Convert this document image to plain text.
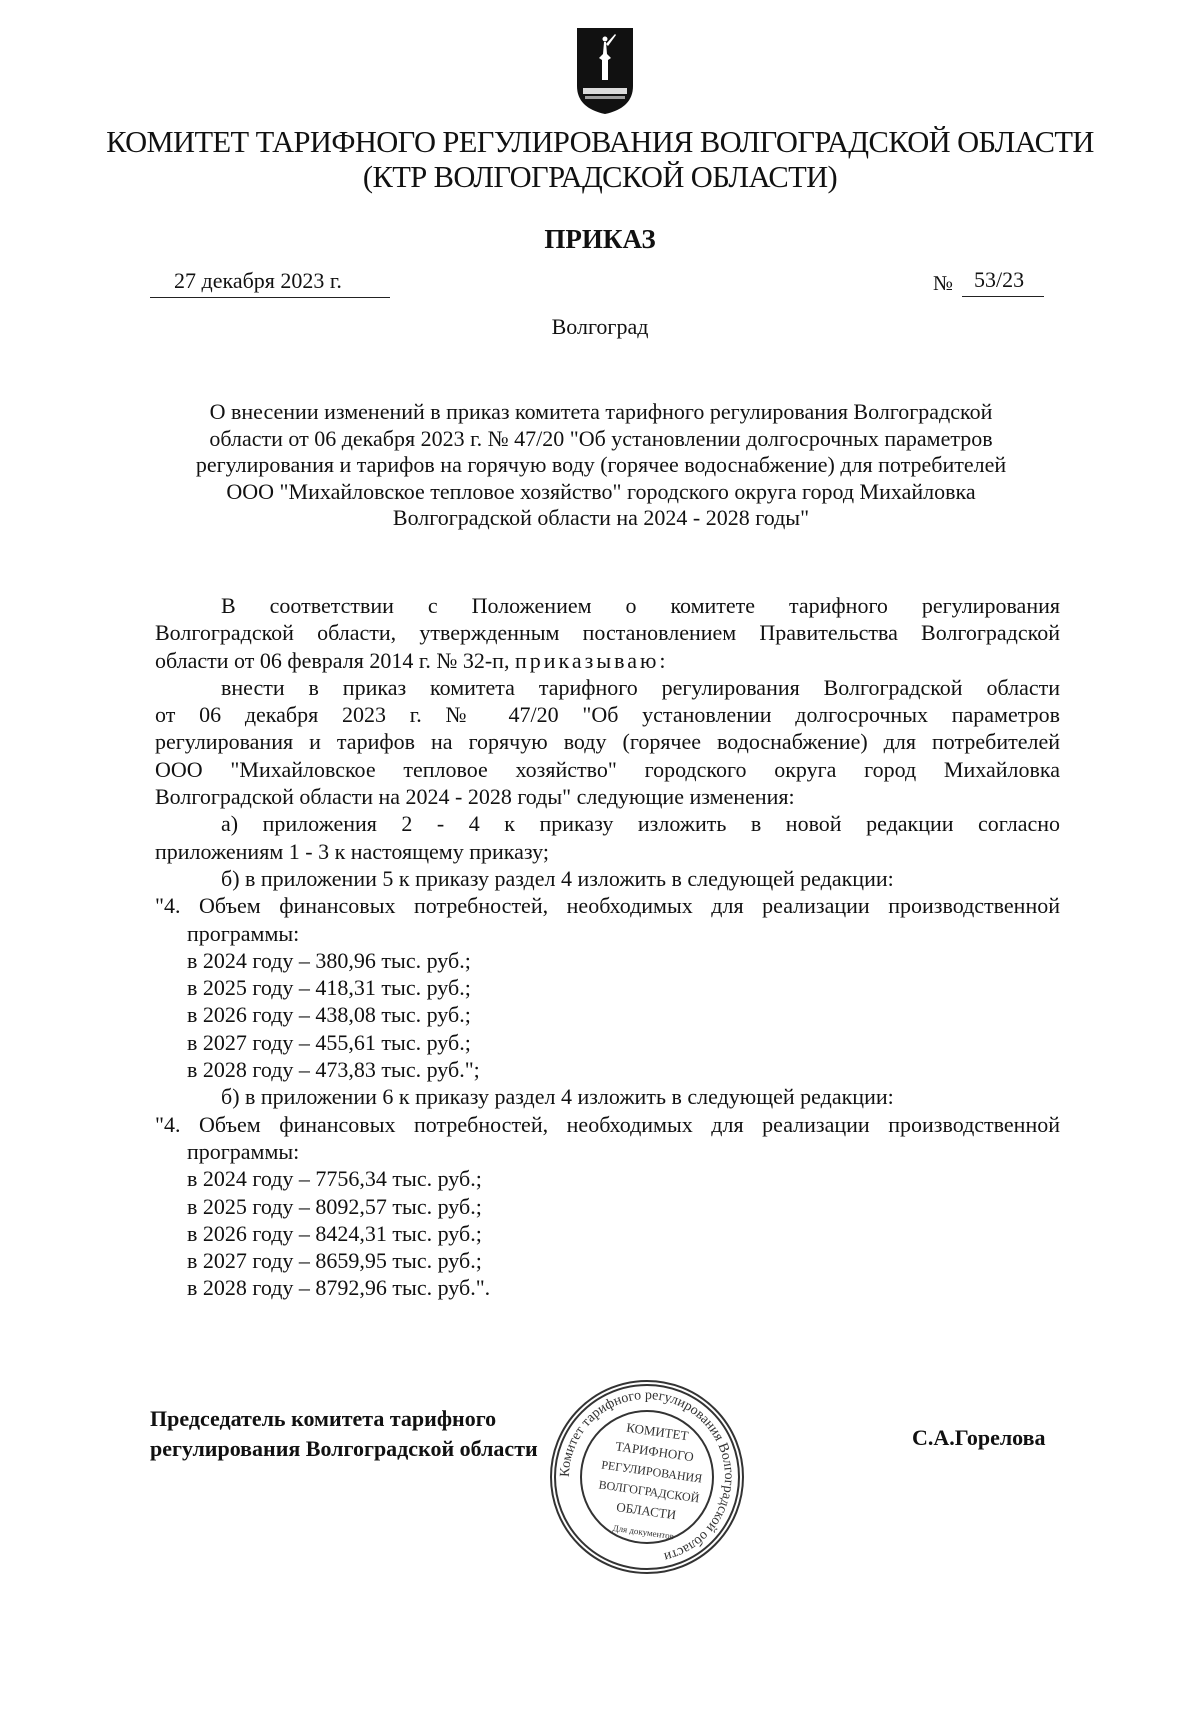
КОМИТЕТ ТАРИФНОГО РЕГУЛИРОВАНИЯ ВОЛГОГРАДСКОЙ ОБЛАСТИ
(КТР ВОЛГОГРАДСКОЙ ОБЛАСТИ)
ПРИКАЗ
27 декабря 2023 г.	№ 53/23
Волгоград
О внесении изменений в приказ комитета тарифного регулирования Волгоградской
области от 06 декабря 2023 г. № 47/20 "Об установлении долгосрочных параметров
регулирования и тарифов на горячую воду (горячее водоснабжение) для потребителей
ООО "Михайловское тепловое хозяйство" городского округа город Михайловка
Волгоградской области на 2024 - 2028 годы"
В соответствии с Положением о комитете тарифного регулирования
Волгоградской области, утвержденным постановлением Правительства Волгоградской
области от 06 февраля 2014 г. № 32-п, приказываю:
внести в приказ комитета тарифного регулирования Волгоградской области
от 06 декабря 2023 г. № 47/20 "Об установлении долгосрочных параметров
регулирования и тарифов на горячую воду (горячее водоснабжение) для потребителей
ООО "Михайловское тепловое хозяйство" городского округа город Михайловка
Волгоградской области на 2024 - 2028 годы" следующие изменения:
а) приложения 2 - 4 к приказу изложить в новой редакции согласно
приложениям 1 - 3 к настоящему приказу;
б) в приложении 5 к приказу раздел 4 изложить в следующей редакции:
"4. Объем финансовых потребностей, необходимых для реализации производственной
программы:
в 2024 году – 380,96 тыс. руб.;
в 2025 году – 418,31 тыс. руб.;
в 2026 году – 438,08 тыс. руб.;
в 2027 году – 455,61 тыс. руб.;
в 2028 году – 473,83 тыс. руб.";
б) в приложении 6 к приказу раздел 4 изложить в следующей редакции:
"4. Объем финансовых потребностей, необходимых для реализации производственной
программы:
в 2024 году – 7756,34 тыс. руб.;
в 2025 году – 8092,57 тыс. руб.;
в 2026 году – 8424,31 тыс. руб.;
в 2027 году – 8659,95 тыс. руб.;
в 2028 году – 8792,96 тыс. руб.".
Председатель комитета тарифного
регулирования Волгоградской области	С.А.Горелова
Комитет тарифного регулирования Волгоградской области
КОМИТЕТ
ТАРИФНОГО
РЕГУЛИРОВАНИЯ
ВОЛГОГРАДСКОЙ
ОБЛАСТИ
Для документов
